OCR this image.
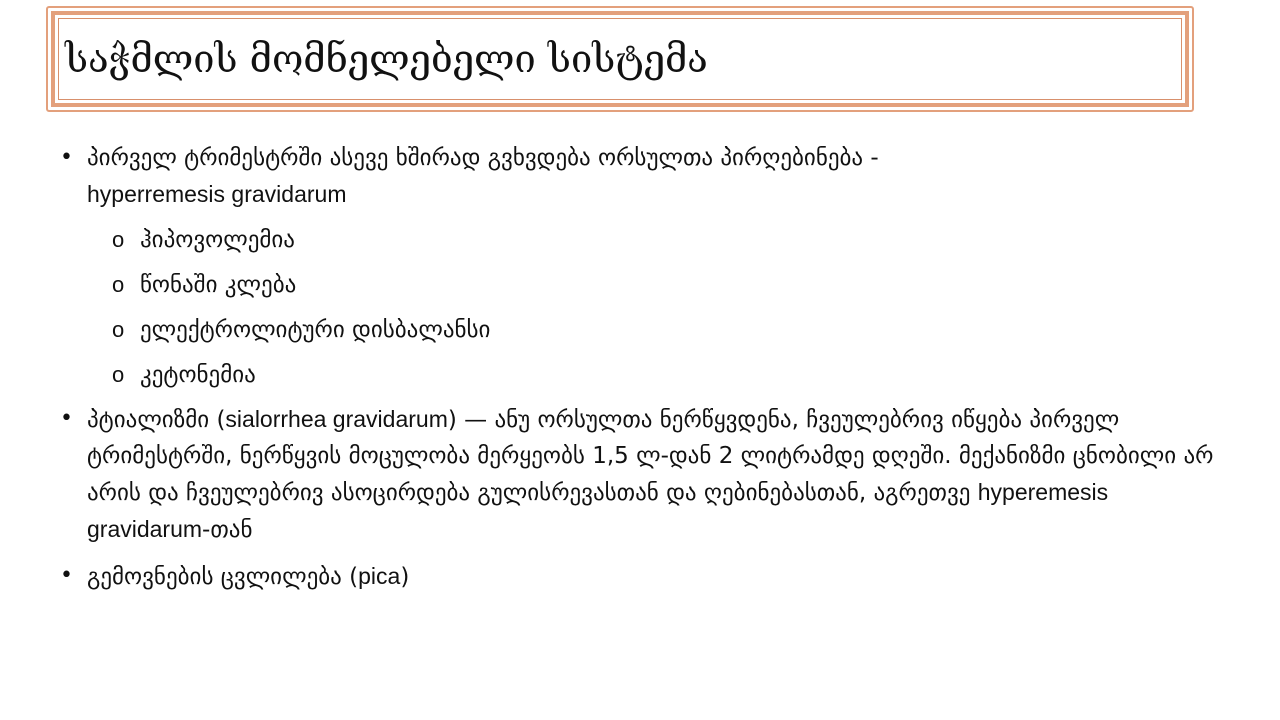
საჭმლის მომნელებელი სისტემა
• პირველ ტრიმესტრში ასევე ხშირად გვხვდება ორსულთა პირღებინება -
hyperremesis gravidarum
o ჰიპოვოლემია
o წონაში კლება
o ელექტროლიტური დისბალანსი
o კეტონემია
• პტიალიზმი (sialorrhea gravidarum) — ანუ ორსულთა ნერწყვდენა, ჩვეულებრივ იწყება პირველ ტრიმესტრში, ნერწყვის მოცულობა მერყეობს 1,5 ლ-დან 2 ლიტრამდე დღეში. მექანიზმი ცნობილი არ არის და ჩვეულებრივ ასოცირდება გულისრევასთან და ღებინებასთან, აგრეთვე hyperemesis gravidarum-თან
• გემოვნების ცვლილება (pica)
